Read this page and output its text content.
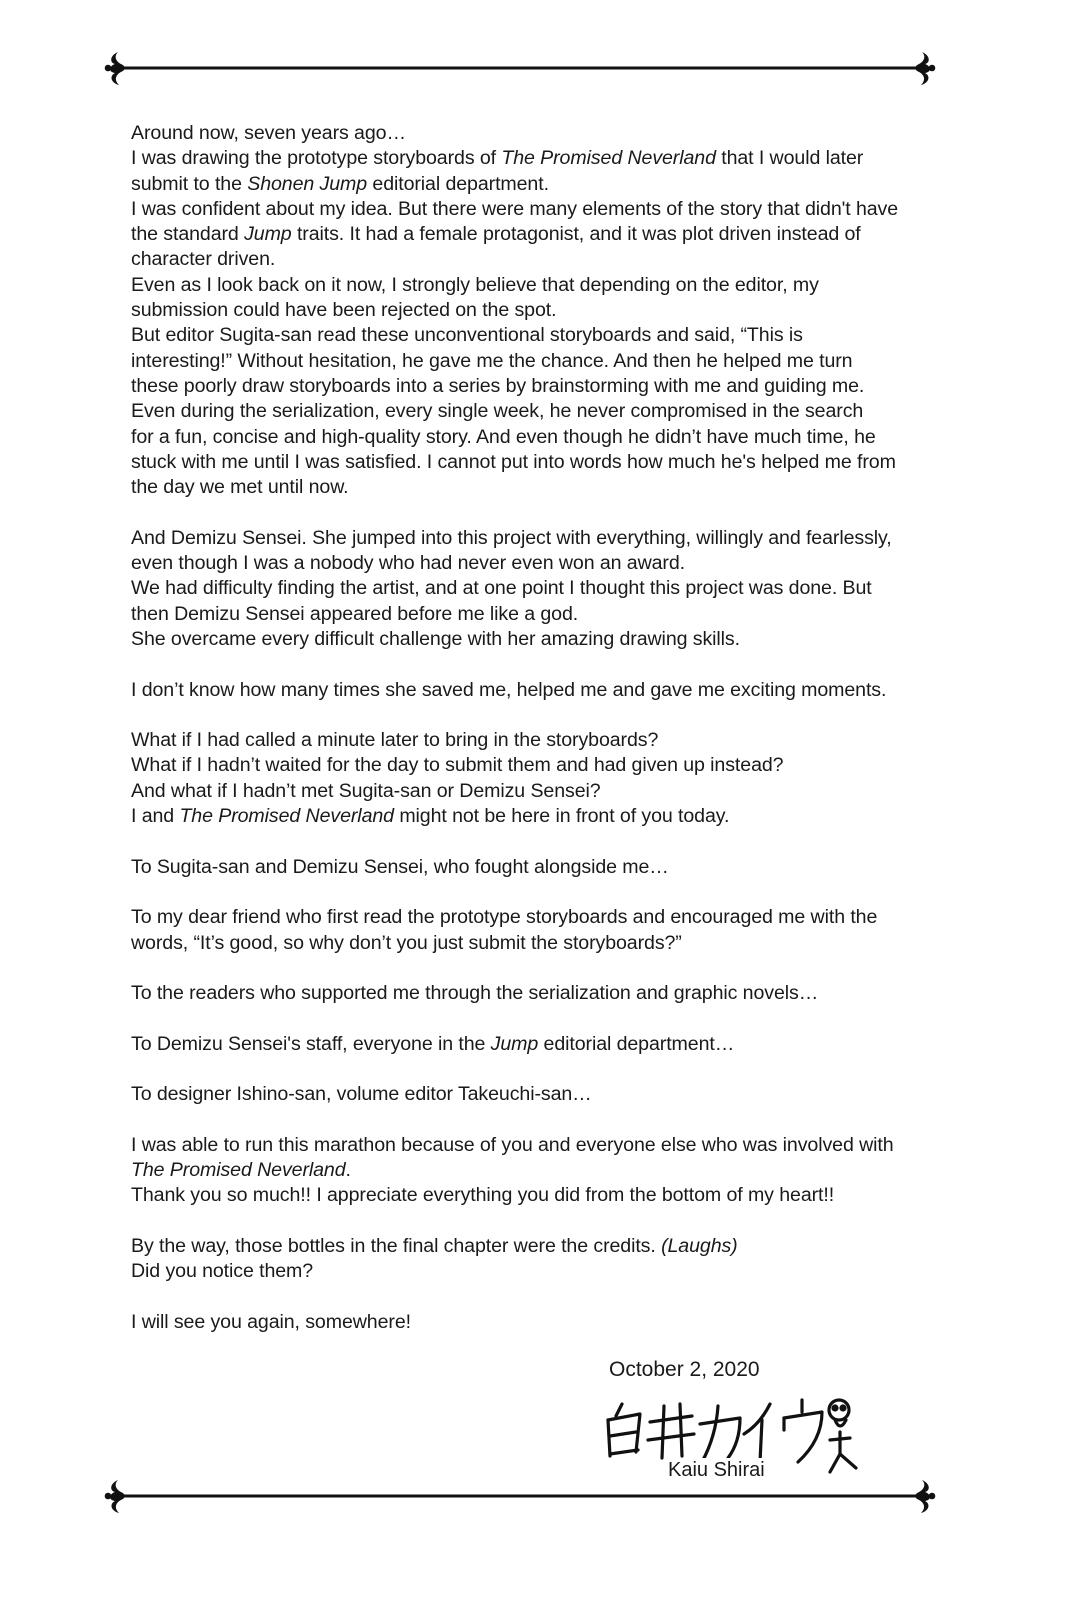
Around now, seven years ago…
I was drawing the prototype storyboards of The Promised Neverland that I would later
submit to the Shonen Jump editorial department.
I was confident about my idea. But there were many elements of the story that didn't have
the standard Jump traits. It had a female protagonist, and it was plot driven instead of
character driven.
Even as I look back on it now, I strongly believe that depending on the editor, my
submission could have been rejected on the spot.
But editor Sugita-san read these unconventional storyboards and said, “This is
interesting!” Without hesitation, he gave me the chance. And then he helped me turn
these poorly draw storyboards into a series by brainstorming with me and guiding me.
Even during the serialization, every single week, he never compromised in the search
for a fun, concise and high-quality story. And even though he didn’t have much time, he
stuck with me until I was satisfied. I cannot put into words how much he's helped me from
the day we met until now.

And Demizu Sensei. She jumped into this project with everything, willingly and fearlessly,
even though I was a nobody who had never even won an award.
We had difficulty finding the artist, and at one point I thought this project was done. But
then Demizu Sensei appeared before me like a god.
She overcame every difficult challenge with her amazing drawing skills.

I don’t know how many times she saved me, helped me and gave me exciting moments.

What if I had called a minute later to bring in the storyboards?
What if I hadn’t waited for the day to submit them and had given up instead?
And what if I hadn’t met Sugita-san or Demizu Sensei?
I and The Promised Neverland might not be here in front of you today.

To Sugita-san and Demizu Sensei, who fought alongside me…

To my dear friend who first read the prototype storyboards and encouraged me with the
words, “It’s good, so why don’t you just submit the storyboards?”

To the readers who supported me through the serialization and graphic novels…

To Demizu Sensei's staff, everyone in the Jump editorial department…

To designer Ishino-san, volume editor Takeuchi-san…

I was able to run this marathon because of you and everyone else who was involved with
The Promised Neverland.
Thank you so much!! I appreciate everything you did from the bottom of my heart!!

By the way, those bottles in the final chapter were the credits. (Laughs)
Did you notice them?

I will see you again, somewhere!

October 2, 2020
Kaiu Shirai
